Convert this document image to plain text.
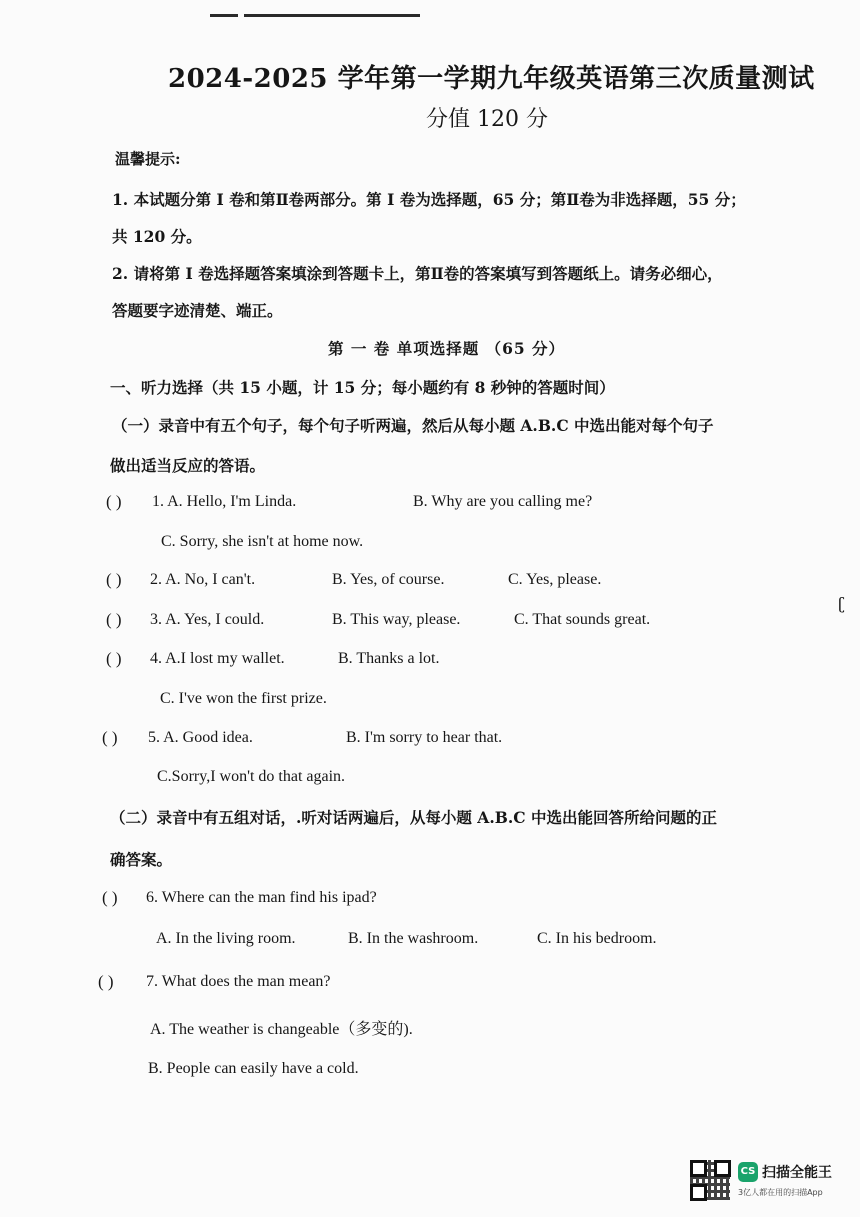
2024-2025 学年第一学期九年级英语第三次质量测试
分值 120 分
温馨提示:
1. 本试题分第 I 卷和第Ⅱ卷两部分。第 I 卷为选择题，65 分；第Ⅱ卷为非选择题，55 分；
共 120 分。
2. 请将第 I 卷选择题答案填涂到答题卡上，第Ⅱ卷的答案填写到答题纸上。请务必细心，
答题要字迹清楚、端正。
第 一 卷 单项选择题 （65 分）
一、听力选择（共 15 小题，计 15 分；每小题约有 8 秒钟的答题时间）
（一）录音中有五个句子，每个句子听两遍，然后从每小题 A.B.C 中选出能对每个句子
做出适当反应的答语。
( ) 1. A. Hello, I'm Linda.	B. Why are you calling me?
C. Sorry, she isn't at home now.
( ) 2. A. No, I can't.	B. Yes, of course.	C. Yes, please.
( ) 3. A. Yes, I could.	B. This way, please.	C. That sounds great.
ʗ
( ) 4. A.I lost my wallet.	B. Thanks a lot.
C. I've won the first prize.
( ) 5. A. Good idea.	B. I'm sorry to hear that.
C.Sorry,I won't do that again.
（二）录音中有五组对话，.听对话两遍后，从每小题 A.B.C 中选出能回答所给问题的正
确答案。
( ) 6. Where can the man find his ipad?
A. In the living room.	B. In the washroom.	C. In his bedroom.
( ) 7. What does the man mean?
A. The weather is changeable（多变的).
B. People can easily have a cold.
CS 扫描全能王
3亿人都在用的扫描App
